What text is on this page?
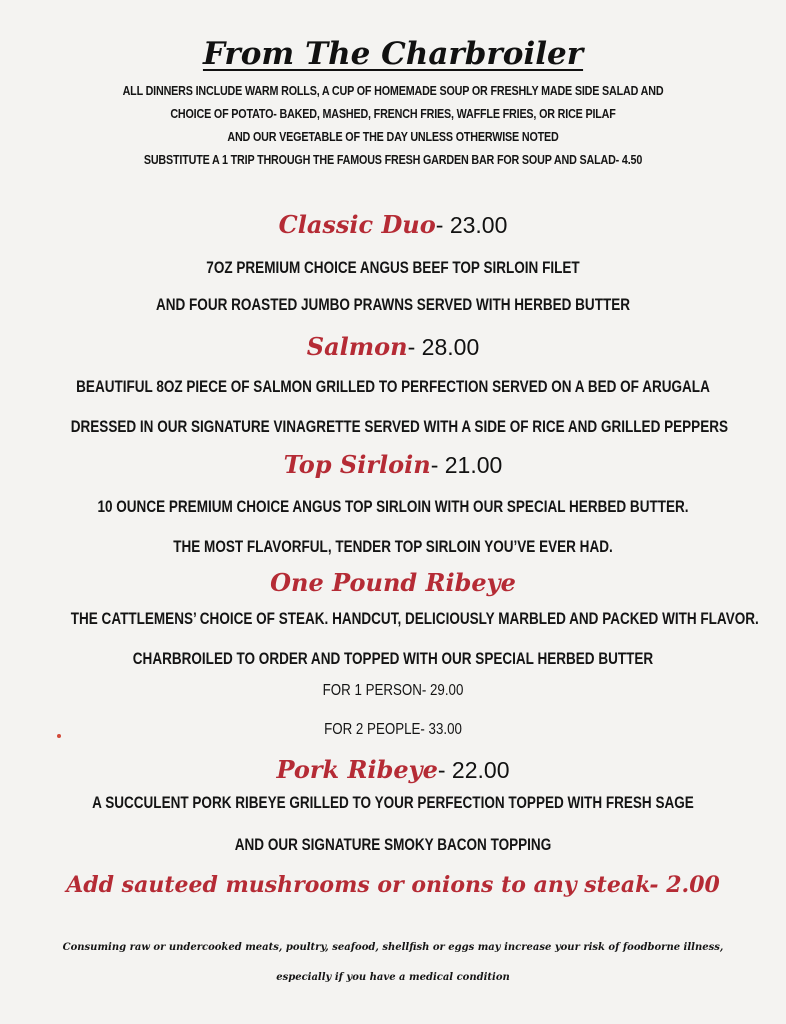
From The Charbroiler
ALL DINNERS INCLUDE WARM ROLLS, A CUP OF HOMEMADE SOUP OR FRESHLY MADE SIDE SALAD AND
CHOICE OF POTATO- BAKED, MASHED, FRENCH FRIES, WAFFLE FRIES, OR RICE PILAF
AND OUR VEGETABLE OF THE DAY UNLESS OTHERWISE NOTED
SUBSTITUTE A 1 TRIP THROUGH THE FAMOUS FRESH GARDEN BAR FOR SOUP AND SALAD- 4.50
Classic Duo- 23.00
7OZ PREMIUM CHOICE ANGUS BEEF TOP SIRLOIN FILET
AND FOUR ROASTED JUMBO PRAWNS SERVED WITH HERBED BUTTER
Salmon- 28.00
BEAUTIFUL 8OZ PIECE OF SALMON GRILLED TO PERFECTION SERVED ON A BED OF ARUGALA
DRESSED IN OUR SIGNATURE VINAGRETTE SERVED WITH A SIDE OF RICE AND GRILLED PEPPERS
Top Sirloin- 21.00
10 OUNCE PREMIUM CHOICE ANGUS TOP SIRLOIN WITH OUR SPECIAL HERBED BUTTER.
THE MOST FLAVORFUL, TENDER TOP SIRLOIN YOU’VE EVER HAD.
One Pound Ribeye
THE CATTLEMENS’ CHOICE OF STEAK. HANDCUT, DELICIOUSLY MARBLED AND PACKED WITH FLAVOR.
CHARBROILED TO ORDER AND TOPPED WITH OUR SPECIAL HERBED BUTTER
FOR 1 PERSON- 29.00
FOR 2 PEOPLE- 33.00
Pork Ribeye- 22.00
A SUCCULENT PORK RIBEYE GRILLED TO YOUR PERFECTION TOPPED WITH FRESH SAGE
AND OUR SIGNATURE SMOKY BACON TOPPING
Add sauteed mushrooms or onions to any steak- 2.00
Consuming raw or undercooked meats, poultry, seafood, shellfish or eggs may increase your risk of foodborne illness,
especially if you have a medical condition
